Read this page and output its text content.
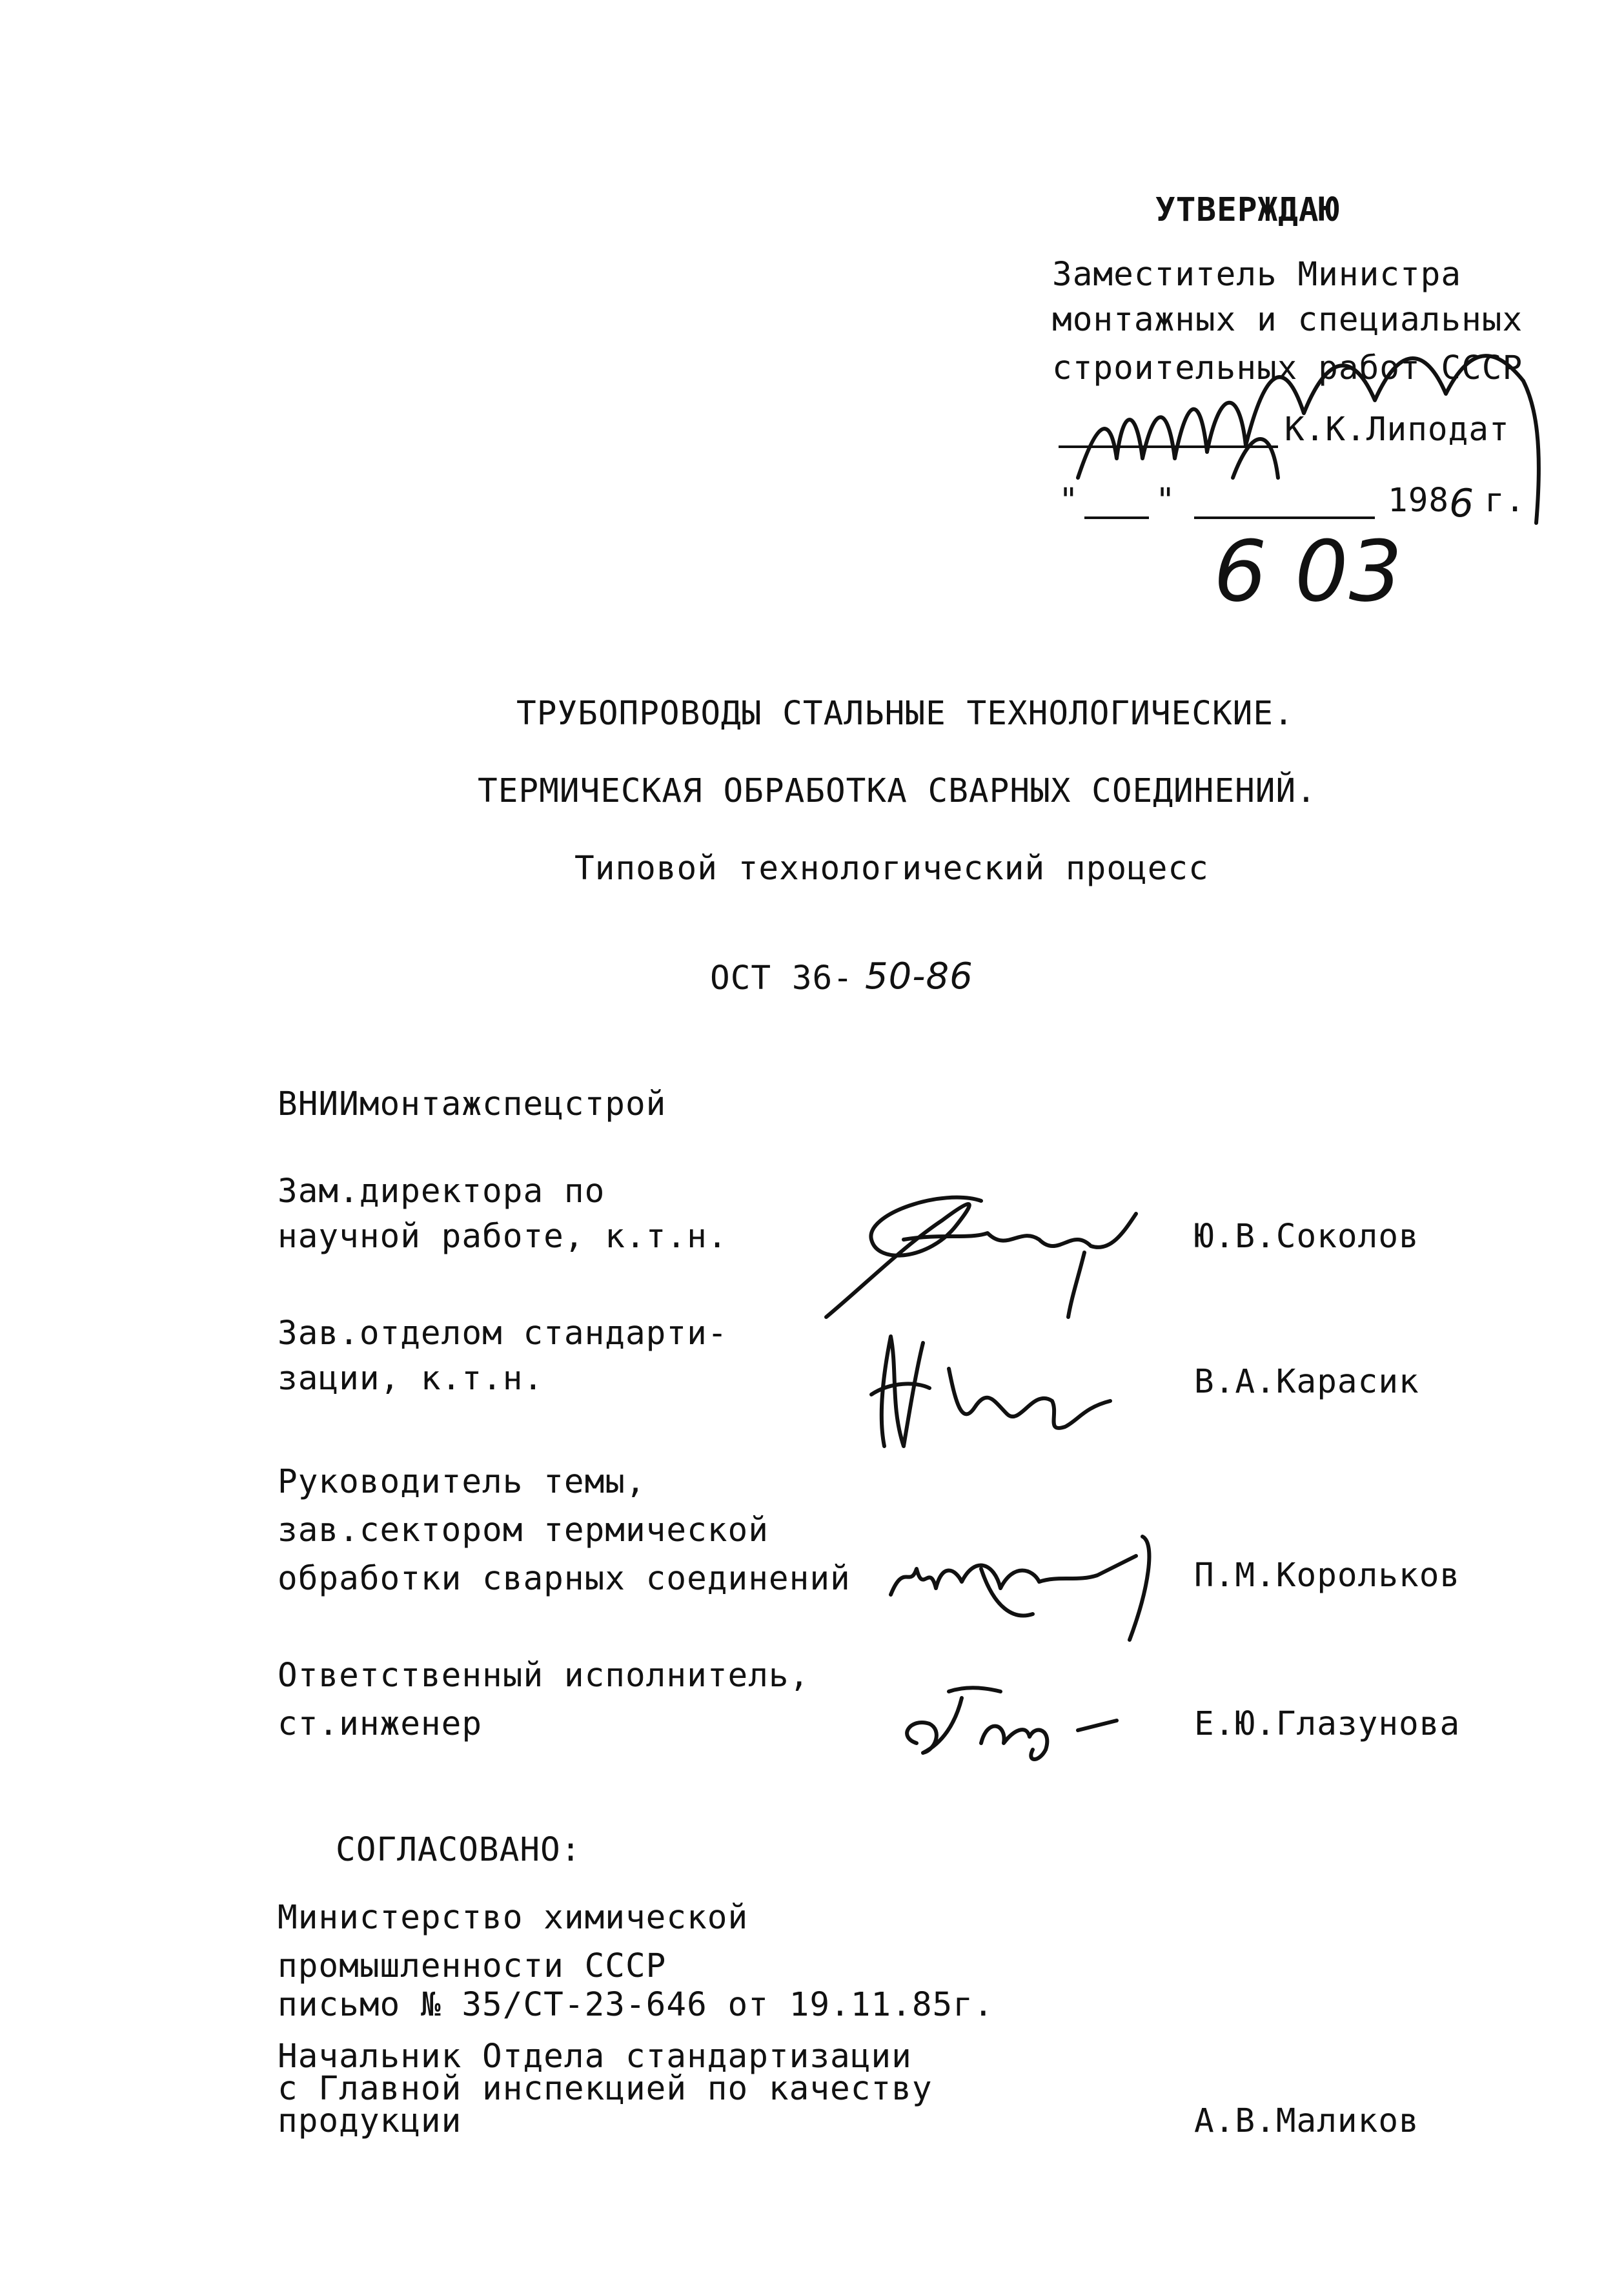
УТВЕРЖДАЮ
Заместитель Министра
монтажных и специальных
строительных работ СССР
К.К.Липодат
" "	198 6 г.
6 03
ТРУБОПРОВОДЫ СТАЛЬНЫЕ ТЕХНОЛОГИЧЕСКИЕ.
ТЕРМИЧЕСКАЯ ОБРАБОТКА СВАРНЫХ СОЕДИНЕНИЙ.
Типовой технологический процесс
ОСТ 36- 50-86
ВНИИмонтажспецстрой
Зам.директора по
научной работе, к.т.н.	Ю.В.Соколов
Зав.отделом стандарти-
зации, к.т.н.	В.А.Карасик
Руководитель темы,
зав.сектором термической
обработки сварных соединений	П.М.Корольков
Ответственный исполнитель,
ст.инженер	Е.Ю.Глазунова
СОГЛАСОВАНО:
Министерство химической
промышленности СССР
письмо № 35/СТ-23-646 от 19.11.85г.
Начальник Отдела стандартизации
с Главной инспекцией по качеству
продукции	А.В.Маликов
